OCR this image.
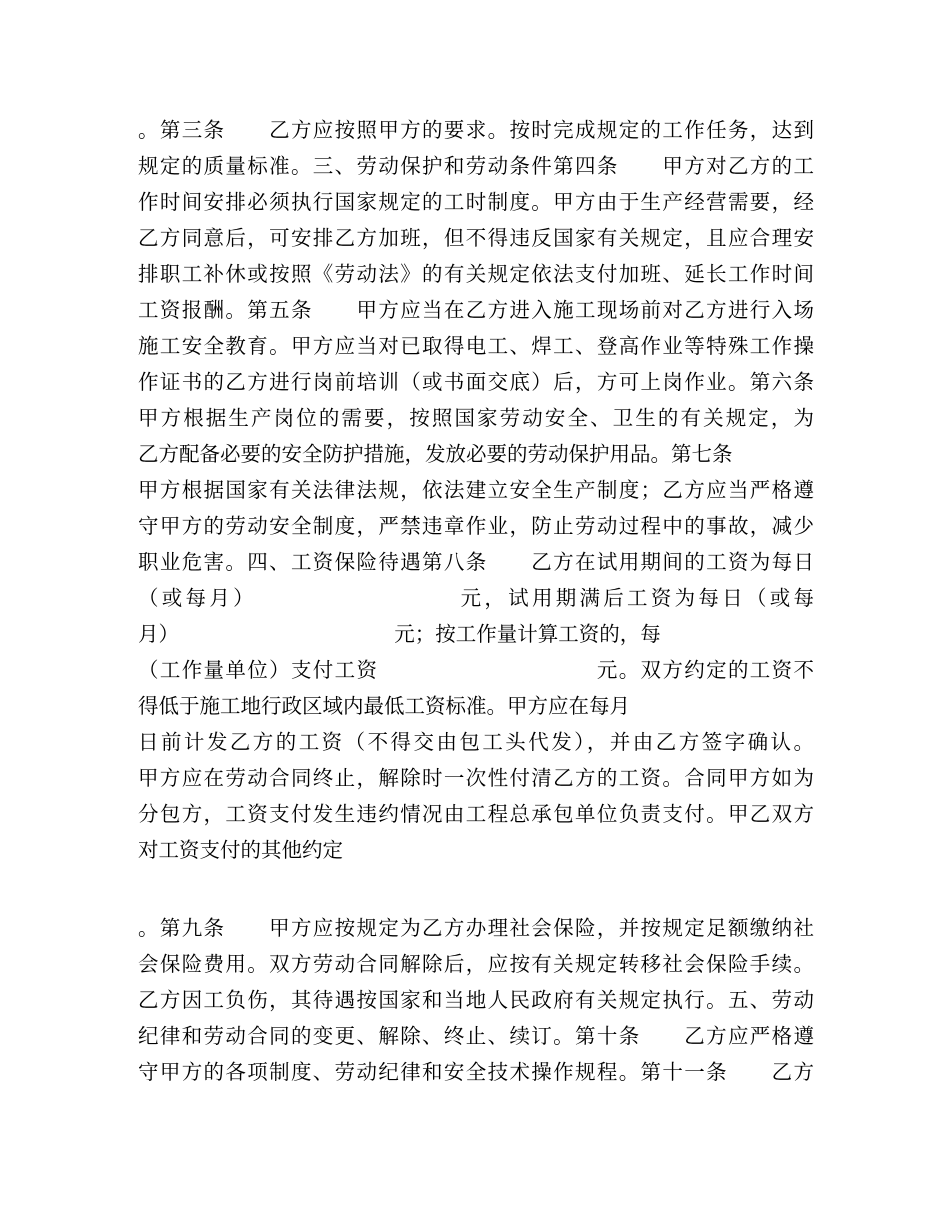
。第三条　　乙方应按照甲方的要求。按时完成规定的工作任务，达到
规定的质量标准。三、劳动保护和劳动条件第四条　　甲方对乙方的工
作时间安排必须执行国家规定的工时制度。甲方由于生产经营需要，经
乙方同意后，可安排乙方加班，但不得违反国家有关规定，且应合理安
排职工补休或按照《劳动法》的有关规定依法支付加班、延长工作时间
工资报酬。第五条　　甲方应当在乙方进入施工现场前对乙方进行入场
施工安全教育。甲方应当对已取得电工、焊工、登高作业等特殊工作操
作证书的乙方进行岗前培训（或书面交底）后，方可上岗作业。第六条
甲方根据生产岗位的需要，按照国家劳动安全、卫生的有关规定，为
乙方配备必要的安全防护措施，发放必要的劳动保护用品。第七条
甲方根据国家有关法律法规，依法建立安全生产制度；乙方应当严格遵
守甲方的劳动安全制度，严禁违章作业，防止劳动过程中的事故，减少
职业危害。四、工资保险待遇第八条　　乙方在试用期间的工资为每日
（或每月）　　　　　　　　　元，试用期满后工资为每日（或每
月）　　　　　　　　　　　元；按工作量计算工资的，每
（工作量单位）支付工资　　　　　　　　　　元。双方约定的工资不
得低于施工地行政区域内最低工资标准。甲方应在每月
日前计发乙方的工资（不得交由包工头代发），并由乙方签字确认。
甲方应在劳动合同终止，解除时一次性付清乙方的工资。合同甲方如为
分包方，工资支付发生违约情况由工程总承包单位负责支付。甲乙双方
对工资支付的其他约定
。第九条　　甲方应按规定为乙方办理社会保险，并按规定足额缴纳社
会保险费用。双方劳动合同解除后，应按有关规定转移社会保险手续。
乙方因工负伤，其待遇按国家和当地人民政府有关规定执行。五、劳动
纪律和劳动合同的变更、解除、终止、续订。第十条　　乙方应严格遵
守甲方的各项制度、劳动纪律和安全技术操作规程。第十一条　　乙方
